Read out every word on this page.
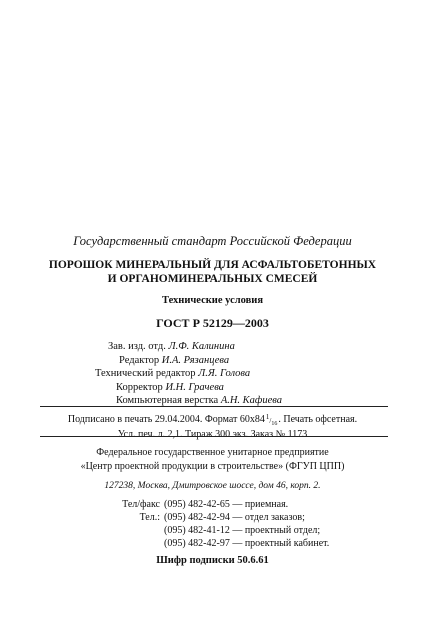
Государственный стандарт Российской Федерации
ПОРОШОК МИНЕРАЛЬНЫЙ ДЛЯ АСФАЛЬТОБЕТОННЫХ
И ОРГАНОМИНЕРАЛЬНЫХ СМЕСЕЙ
Технические условия
ГОСТ Р 52129—2003
Зав. изд. отд. Л.Ф. Калинина
Редактор И.А. Рязанцева
Технический редактор Л.Я. Голова
Корректор И.Н. Грачева
Компьютерная верстка А.Н. Кафиева
Подписано в печать 29.04.2004. Формат $60x84^1/_{16}$. Печать офсетная.
Усл. печ. л. 2,1. Тираж 300 экз. Заказ № 1173
Федеральное государственное унитарное предприятие
«Центр проектной продукции в строительстве» (ФГУП ЦПП)
127238, Москва, Дмитровское шоссе, дом 46, корп. 2.
Тел/факс (095) 482-42-65 — приемная.
Тел.: (095) 482-42-94 — отдел заказов;
(095) 482-41-12 — проектный отдел;
(095) 482-42-97 — проектный кабинет.
Шифр подписки 50.6.61
